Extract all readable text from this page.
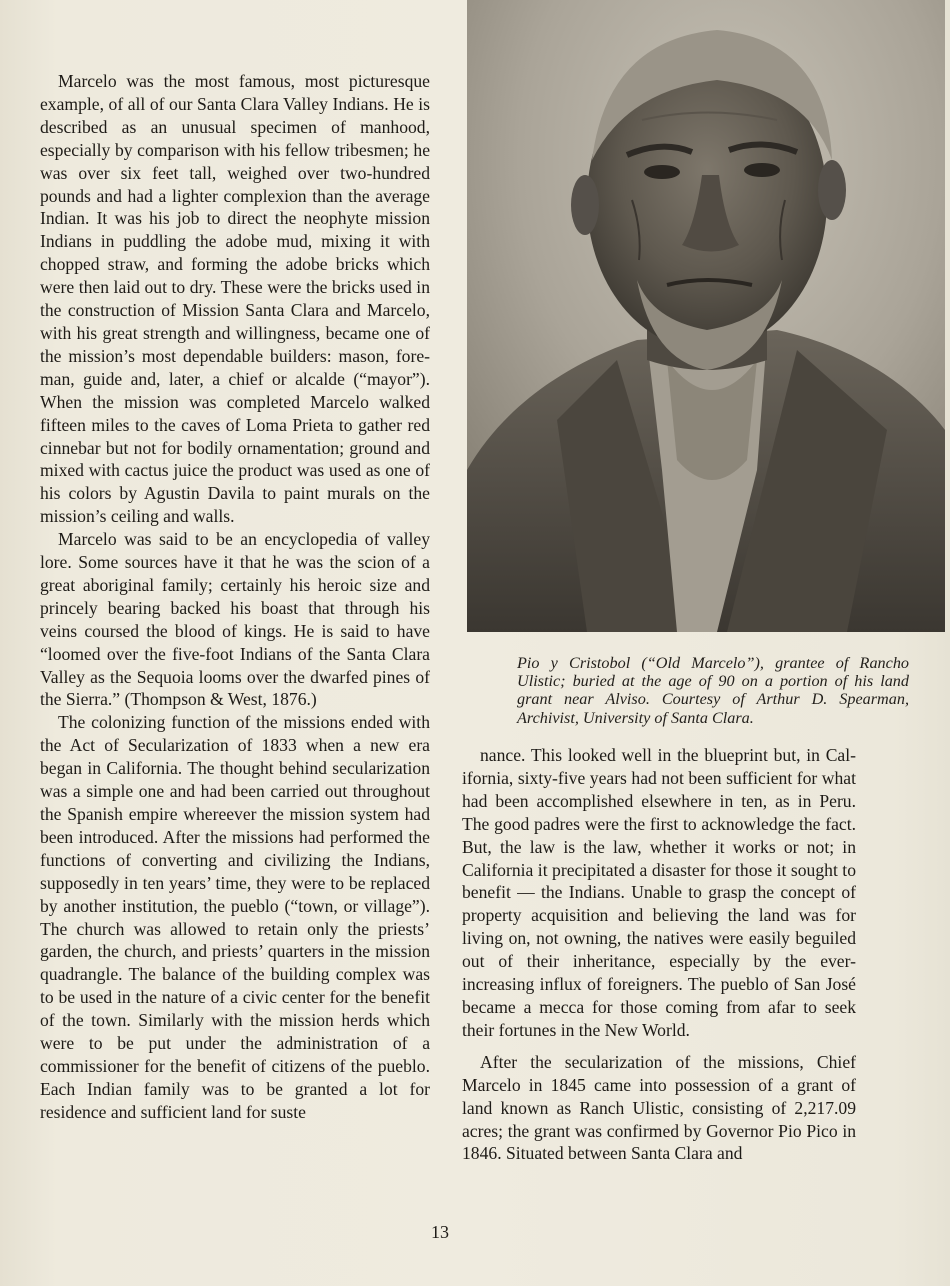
Marcelo was the most famous, most picturesque example, of all of our Santa Clara Valley Indians. He is described as an unusual specimen of manhood, especially by comparison with his fellow tribesmen; he was over six feet tall, weighed over two-hundred pounds and had a lighter complexion than the average Indian. It was his job to direct the neophyte mission Indians in puddling the adobe mud, mixing it with chopped straw, and forming the adobe bricks which were then laid out to dry. These were the bricks used in the construction of Mission Santa Clara and Marcelo, with his great strength and willingness, became one of the mission’s most dependable builders: mason, foreman, guide and, later, a chief or alcalde (“mayor”). When the mission was completed Marcelo walked fifteen miles to the caves of Loma Prieta to gather red cinnebar but not for bodily ornamentation; ground and mixed with cactus juice the product was used as one of his colors by Agustin Davila to paint murals on the mission’s ceiling and walls.

Marcelo was said to be an encyclopedia of valley lore. Some sources have it that he was the scion of a great aboriginal family; certainly his heroic size and princely bearing backed his boast that through his veins coursed the blood of kings. He is said to have “loomed over the five-foot Indians of the Santa Clara Valley as the Sequoia looms over the dwarfed pines of the Sierra.” (Thompson & West, 1876.)

The colonizing function of the missions ended with the Act of Secularization of 1833 when a new era began in California. The thought behind secularization was a simple one and had been carried out throughout the Spanish empire whereever the mission system had been introduced. After the missions had performed the functions of converting and civilizing the Indians, supposedly in ten years’ time, they were to be replaced by another institution, the pueblo (“town, or village”). The church was allowed to retain only the priests’ garden, the church, and priests’ quarters in the mission quadrangle. The balance of the building complex was to be used in the nature of a civic center for the benefit of the town. Similarly with the mission herds which were to be put under the administration of a commissioner for the benefit of citizens of the pueblo. Each Indian family was to be granted a lot for residence and sufficient land for suste

Pio y Cristobol (“Old Marcelo”), grantee of Rancho Ulistic; buried at the age of 90 on a portion of his land grant near Alviso. Courtesy of Arthur D. Spearman, Archivist, University of Santa Clara.

nance. This looked well in the blueprint but, in California, sixty-five years had not been sufficient for what had been accomplished elsewhere in ten, as in Peru. The good padres were the first to acknowledge the fact. But, the law is the law, whether it works or not; in California it precipitated a disaster for those it sought to benefit — the Indians. Unable to grasp the concept of property acquisition and believing the land was for living on, not owning, the natives were easily beguiled out of their inheritance, especially by the ever-increasing influx of foreigners. The pueblo of San José became a mecca for those coming from afar to seek their fortunes in the New World.

After the secularization of the missions, Chief Marcelo in 1845 came into possession of a grant of land known as Ranch Ulistic, consisting of 2,217.09 acres; the grant was confirmed by Governor Pio Pico in 1846. Situated between Santa Clara and

13
